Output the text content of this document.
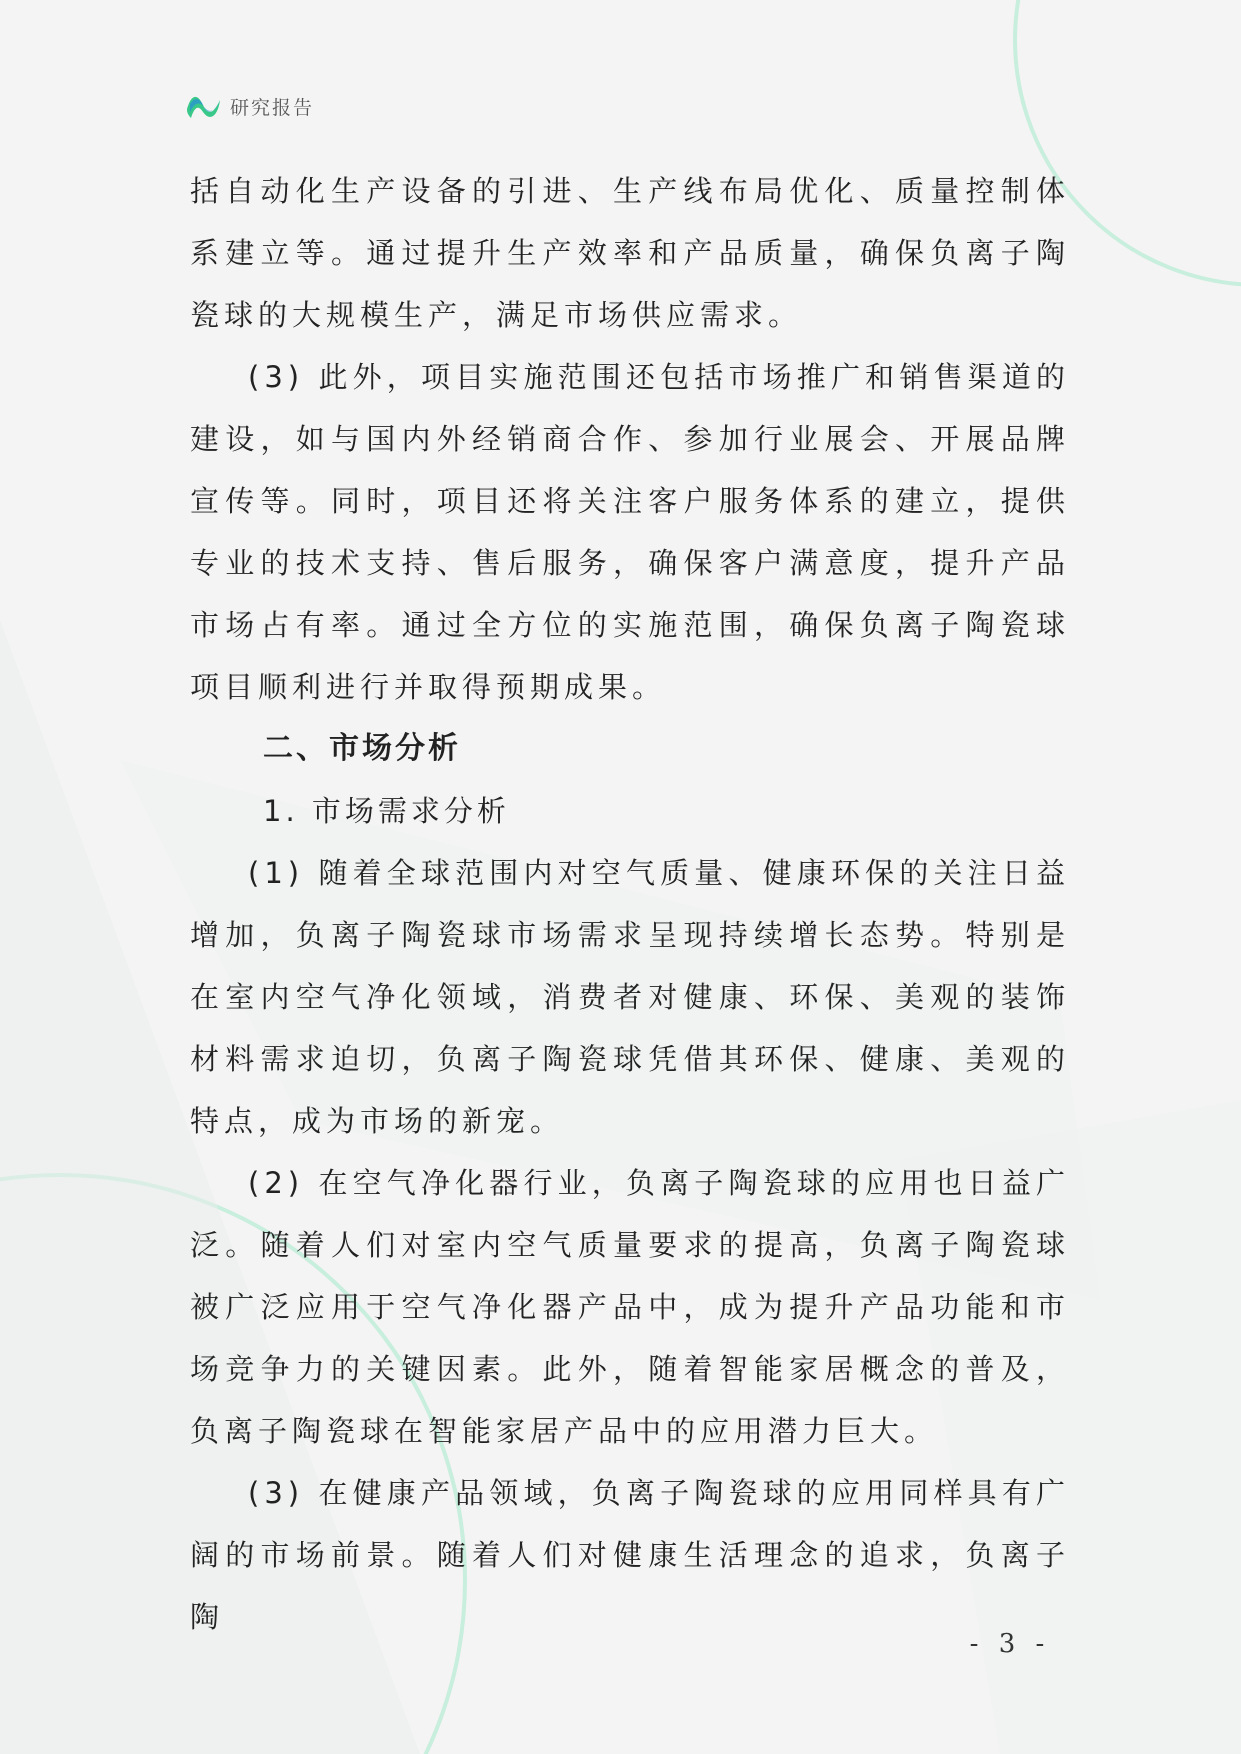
研究报告

括自动化生产设备的引进、生产线布局优化、质量控制体系建立等。通过提升生产效率和产品质量，确保负离子陶瓷球的大规模生产，满足市场供应需求。

(3) 此外，项目实施范围还包括市场推广和销售渠道的建设，如与国内外经销商合作、参加行业展会、开展品牌宣传等。同时，项目还将关注客户服务体系的建立，提供专业的技术支持、售后服务，确保客户满意度，提升产品市场占有率。通过全方位的实施范围，确保负离子陶瓷球项目顺利进行并取得预期成果。

二、市场分析

1. 市场需求分析

(1) 随着全球范围内对空气质量、健康环保的关注日益增加，负离子陶瓷球市场需求呈现持续增长态势。特别是在室内空气净化领域，消费者对健康、环保、美观的装饰材料需求迫切，负离子陶瓷球凭借其环保、健康、美观的特点，成为市场的新宠。

(2) 在空气净化器行业，负离子陶瓷球的应用也日益广泛。随着人们对室内空气质量要求的提高，负离子陶瓷球被广泛应用于空气净化器产品中，成为提升产品功能和市场竞争力的关键因素。此外，随着智能家居概念的普及，负离子陶瓷球在智能家居产品中的应用潜力巨大。

(3) 在健康产品领域，负离子陶瓷球的应用同样具有广阔的市场前景。随着人们对健康生活理念的追求，负离子陶

- 3 -
